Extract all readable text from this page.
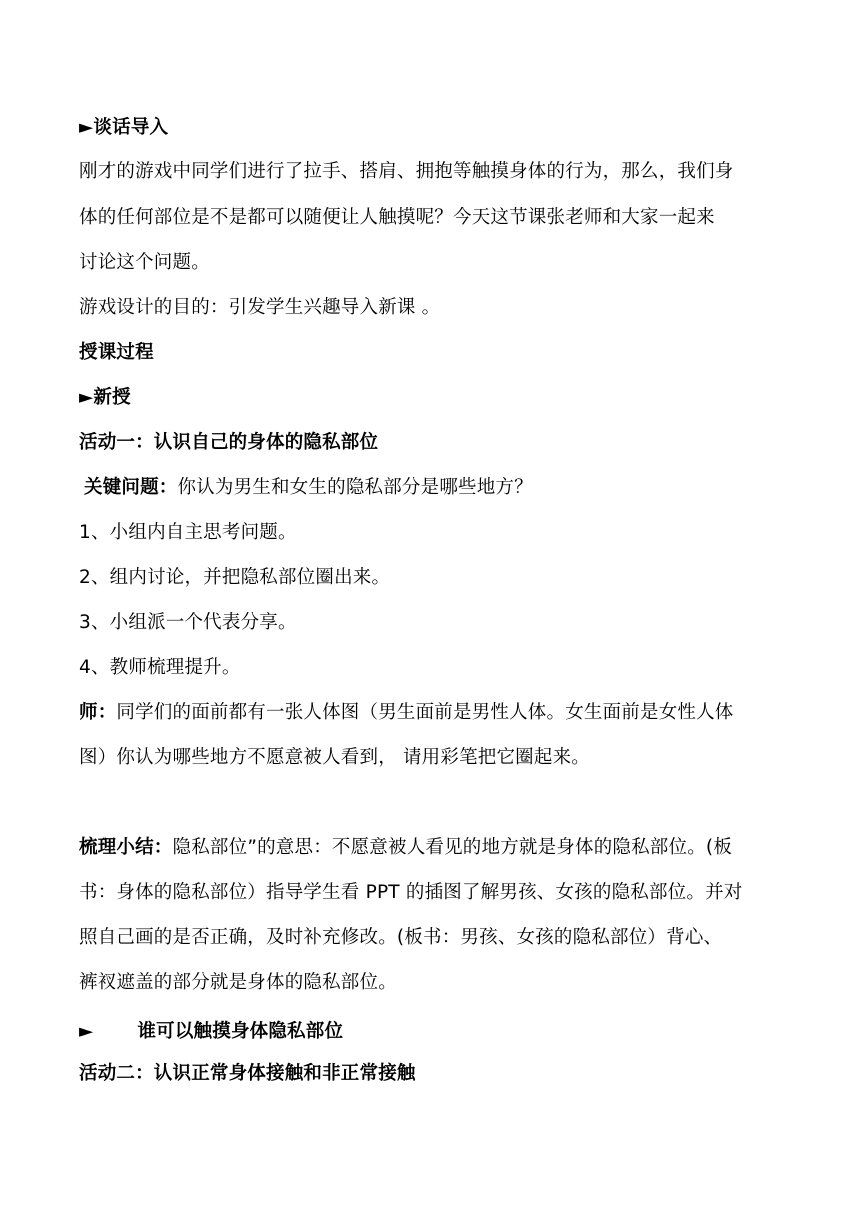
►谈话导入
刚才的游戏中同学们进行了拉手、搭肩、拥抱等触摸身体的行为，那么，我们身
体的任何部位是不是都可以随便让人触摸呢？今天这节课张老师和大家一起来
讨论这个问题。
游戏设计的目的：引发学生兴趣导入新课 。
授课过程
►新授
活动一：认识自己的身体的隐私部位
关键问题：你认为男生和女生的隐私部分是哪些地方？
1、小组内自主思考问题。
2、组内讨论，并把隐私部位圈出来。
3、小组派一个代表分享。
4、教师梳理提升。
师：同学们的面前都有一张人体图（男生面前是男性人体。女生面前是女性人体
图）你认为哪些地方不愿意被人看到， 请用彩笔把它圈起来。
梳理小结：隐私部位”的意思：不愿意被人看见的地方就是身体的隐私部位。(板
书：身体的隐私部位）指导学生看 PPT 的插图了解男孩、女孩的隐私部位。并对
照自己画的是否正确，及时补充修改。(板书：男孩、女孩的隐私部位）背心、
裤衩遮盖的部分就是身体的隐私部位。
► 谁可以触摸身体隐私部位
活动二：认识正常身体接触和非正常接触
